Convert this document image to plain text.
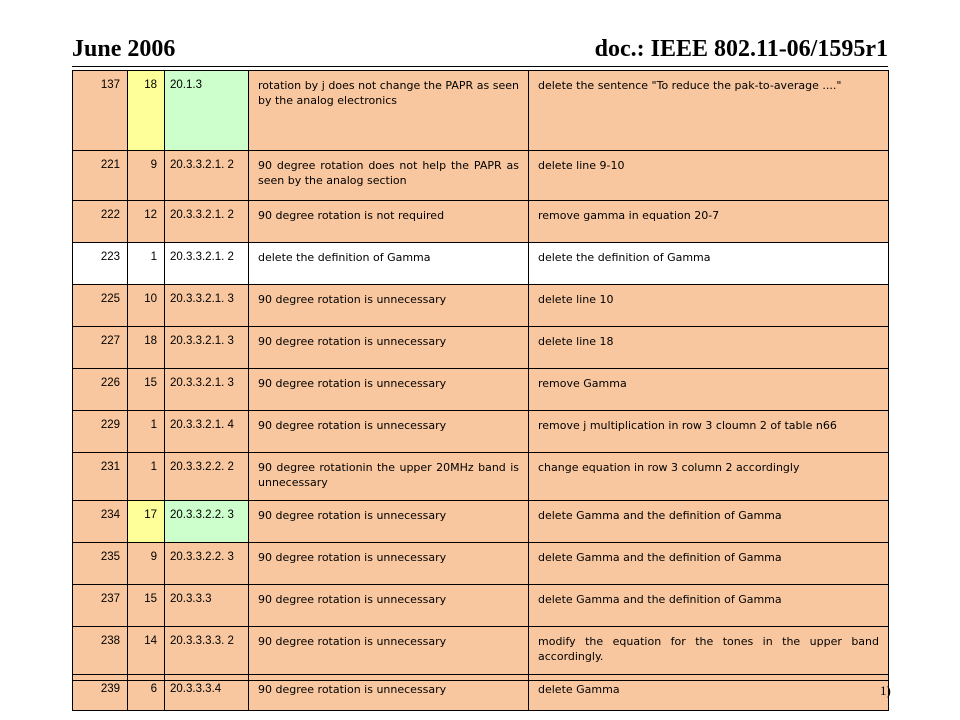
June 2006	doc.: IEEE 802.11-06/1595r1
137	18	20.1.3	rotation by j does not change the PAPR as seen by the analog electronics	delete the sentence "To reduce the pak-to-average ...."
221	9	20.3.3.2.1. 2	90 degree rotation does not help the PAPR as seen by the analog section	delete line 9-10
222	12	20.3.3.2.1. 2	90 degree rotation is not required	remove gamma in equation 20-7
223	1	20.3.3.2.1. 2	delete the definition of Gamma	delete the definition of Gamma
225	10	20.3.3.2.1. 3	90 degree rotation is unnecessary	delete line 10
227	18	20.3.3.2.1. 3	90 degree rotation is unnecessary	delete line 18
226	15	20.3.3.2.1. 3	90 degree rotation is unnecessary	remove Gamma
229	1	20.3.3.2.1. 4	90 degree rotation is unnecessary	remove j multiplication in row 3 cloumn 2 of table n66
231	1	20.3.3.2.2. 2	90 degree rotationin the upper 20MHz band is unnecessary	change equation in row 3 column 2 accordingly
234	17	20.3.3.2.2. 3	90 degree rotation is unnecessary	delete Gamma and the definition of Gamma
235	9	20.3.3.2.2. 3	90 degree rotation is unnecessary	delete Gamma and the definition of Gamma
237	15	20.3.3.3	90 degree rotation is unnecessary	delete Gamma and the definition of Gamma
238	14	20.3.3.3.3. 2	90 degree rotation is unnecessary	modify the equation for the tones in the upper band accordingly.
239	6	20.3.3.3.4	90 degree rotation is unnecessary	delete Gamma	1)
